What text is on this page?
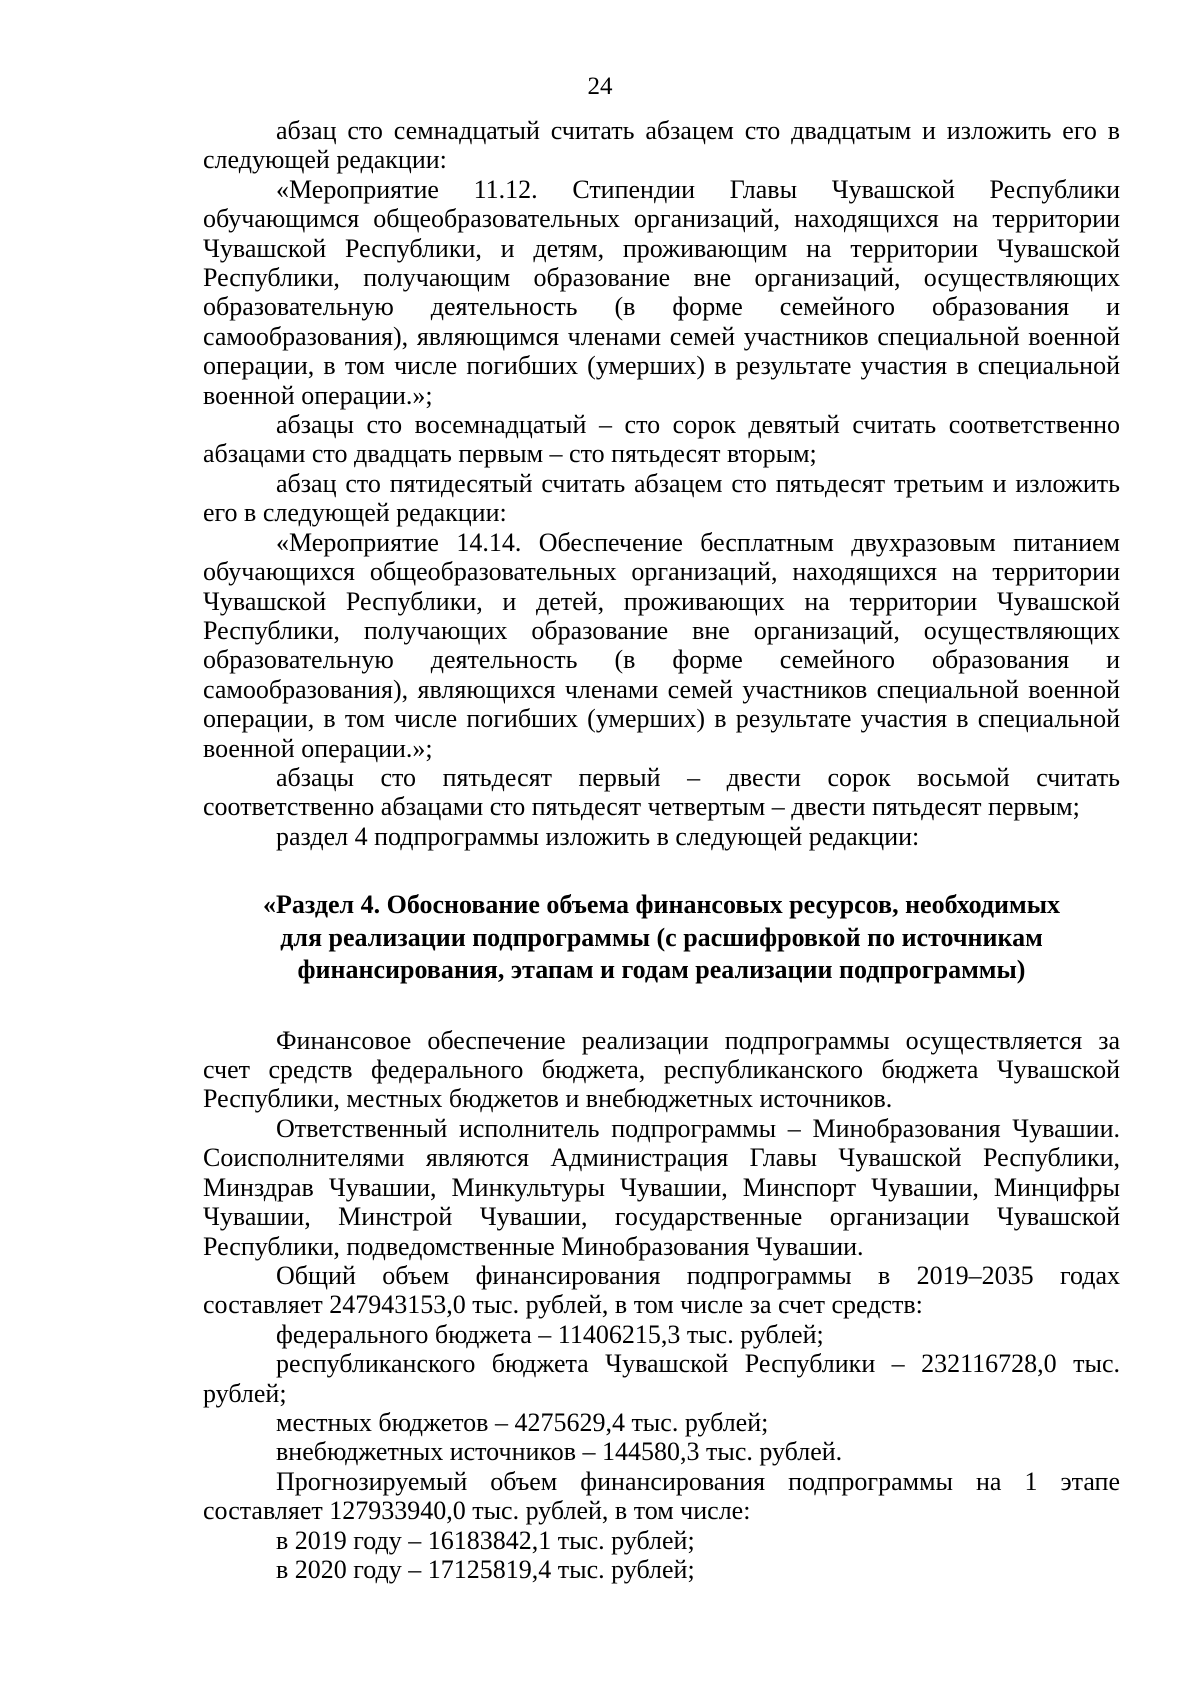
24

абзац сто семнадцатый считать абзацем сто двадцатым и изложить его в следующей редакции:

«Мероприятие 11.12. Стипендии Главы Чувашской Республики обучающимся общеобразовательных организаций, находящихся на территории Чувашской Республики, и детям, проживающим на территории Чувашской Республики, получающим образование вне организаций, осуществляющих образовательную деятельность (в форме семейного образования и самообразования), являющимся членами семей участников специальной военной операции, в том числе погибших (умерших) в результате участия в специальной военной операции.»;

абзацы сто восемнадцатый – сто сорок девятый считать соответственно абзацами сто двадцать первым – сто пятьдесят вторым;

абзац сто пятидесятый считать абзацем сто пятьдесят третьим и изложить его в следующей редакции:

«Мероприятие 14.14. Обеспечение бесплатным двухразовым питанием обучающихся общеобразовательных организаций, находящихся на территории Чувашской Республики, и детей, проживающих на территории Чувашской Республики, получающих образование вне организаций, осуществляющих образовательную деятельность (в форме семейного образования и самообразования), являющихся членами семей участников специальной военной операции, в том числе погибших (умерших) в результате участия в специальной военной операции.»;

абзацы сто пятьдесят первый – двести сорок восьмой считать соответственно абзацами сто пятьдесят четвертым – двести пятьдесят первым;

раздел 4 подпрограммы изложить в следующей редакции:

«Раздел 4. Обоснование объема финансовых ресурсов, необходимых
для реализации подпрограммы (с расшифровкой по источникам
финансирования, этапам и годам реализации подпрограммы)

Финансовое обеспечение реализации подпрограммы осуществляется за счет средств федерального бюджета, республиканского бюджета Чувашской Республики, местных бюджетов и внебюджетных источников.

Ответственный исполнитель подпрограммы – Минобразования Чувашии. Соисполнителями являются Администрация Главы Чувашской Республики, Минздрав Чувашии, Минкультуры Чувашии, Минспорт Чувашии, Минцифры Чувашии, Минстрой Чувашии, государственные организации Чувашской Республики, подведомственные Минобразования Чувашии.

Общий объем финансирования подпрограммы в 2019–2035 годах составляет 247943153,0 тыс. рублей, в том числе за счет средств:

федерального бюджета – 11406215,3 тыс. рублей;

республиканского бюджета Чувашской Республики – 232116728,0 тыс. рублей;

местных бюджетов – 4275629,4 тыс. рублей;

внебюджетных источников – 144580,3 тыс. рублей.

Прогнозируемый объем финансирования подпрограммы на 1 этапе составляет 127933940,0 тыс. рублей, в том числе:

в 2019 году – 16183842,1 тыс. рублей;

в 2020 году – 17125819,4 тыс. рублей;
